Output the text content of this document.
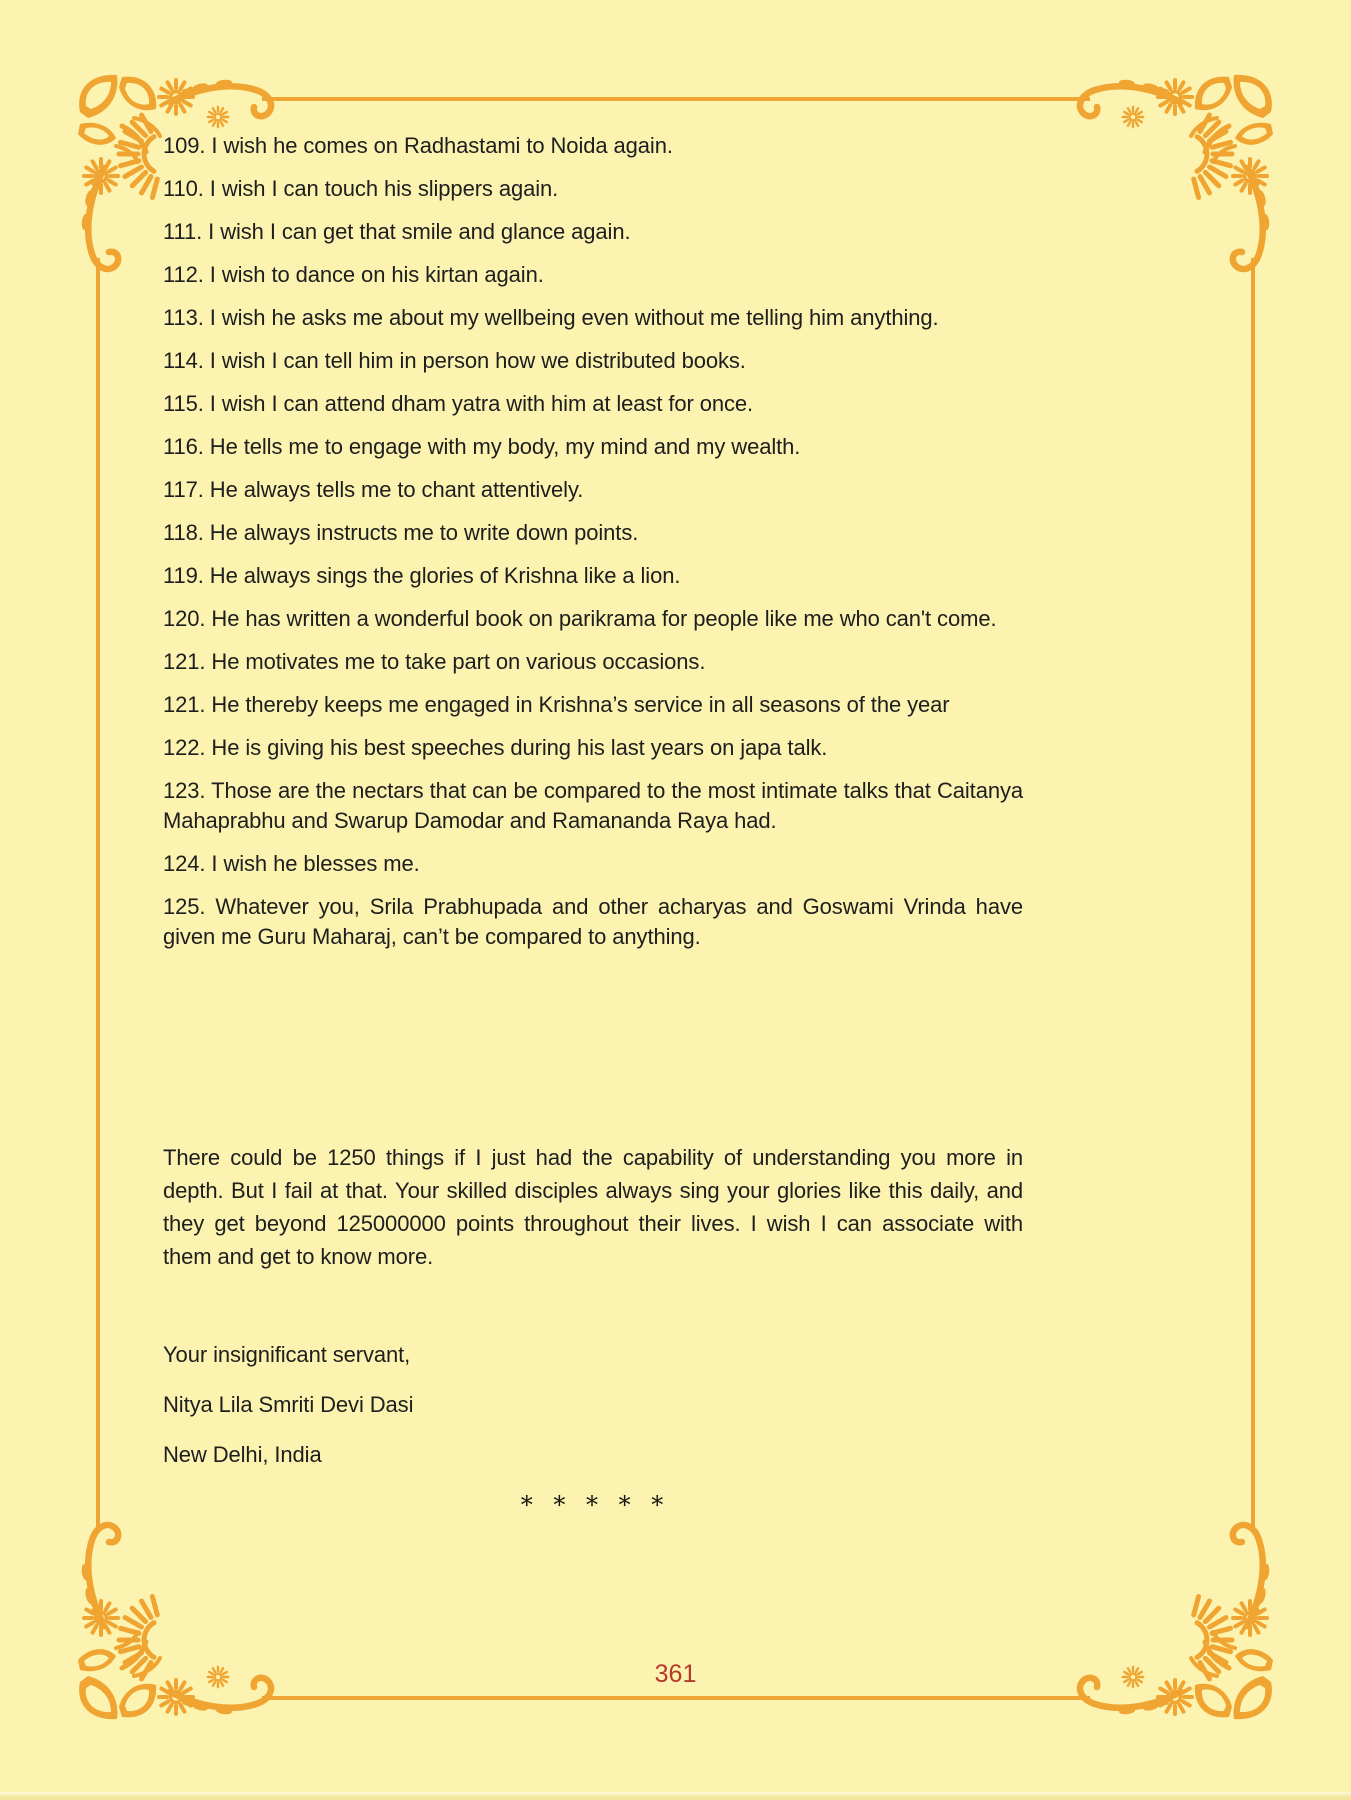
109. I wish he comes on Radhastami to Noida again.

110. I wish I can touch his slippers again.

111. I wish I can get that smile and glance again.

112. I wish to dance on his kirtan again.

113. I wish he asks me about my wellbeing even without me telling him anything.

114. I wish I can tell him in person how we distributed books.

115. I wish I can attend dham yatra with him at least for once.

116. He tells me to engage with my body, my mind and my wealth.

117. He always tells me to chant attentively.

118. He always instructs me to write down points.

119. He always sings the glories of Krishna like a lion.

120. He has written a wonderful book on parikrama for people like me who can't come.

121. He motivates me to take part on various occasions.

121. He thereby keeps me engaged in Krishna’s service in all seasons of the year

122. He is giving his best speeches during his last years on japa talk.

123. Those are the nectars that can be compared to the most intimate talks that Caitanya Mahaprabhu and Swarup Damodar and Ramananda Raya had.

124. I wish he blesses me.

125. Whatever you, Srila Prabhupada and other acharyas and Goswami Vrinda have given me Guru Maharaj, can’t be compared to anything.

There could be 1250 things if I just had the capability of understanding you more in depth. But I fail at that. Your skilled disciples always sing your glories like this daily, and they get beyond 125000000 points throughout their lives. I wish I can associate with them and get to know more.

Your insignificant servant,

Nitya Lila Smriti Devi Dasi

New Delhi, India

* * * * *

361
